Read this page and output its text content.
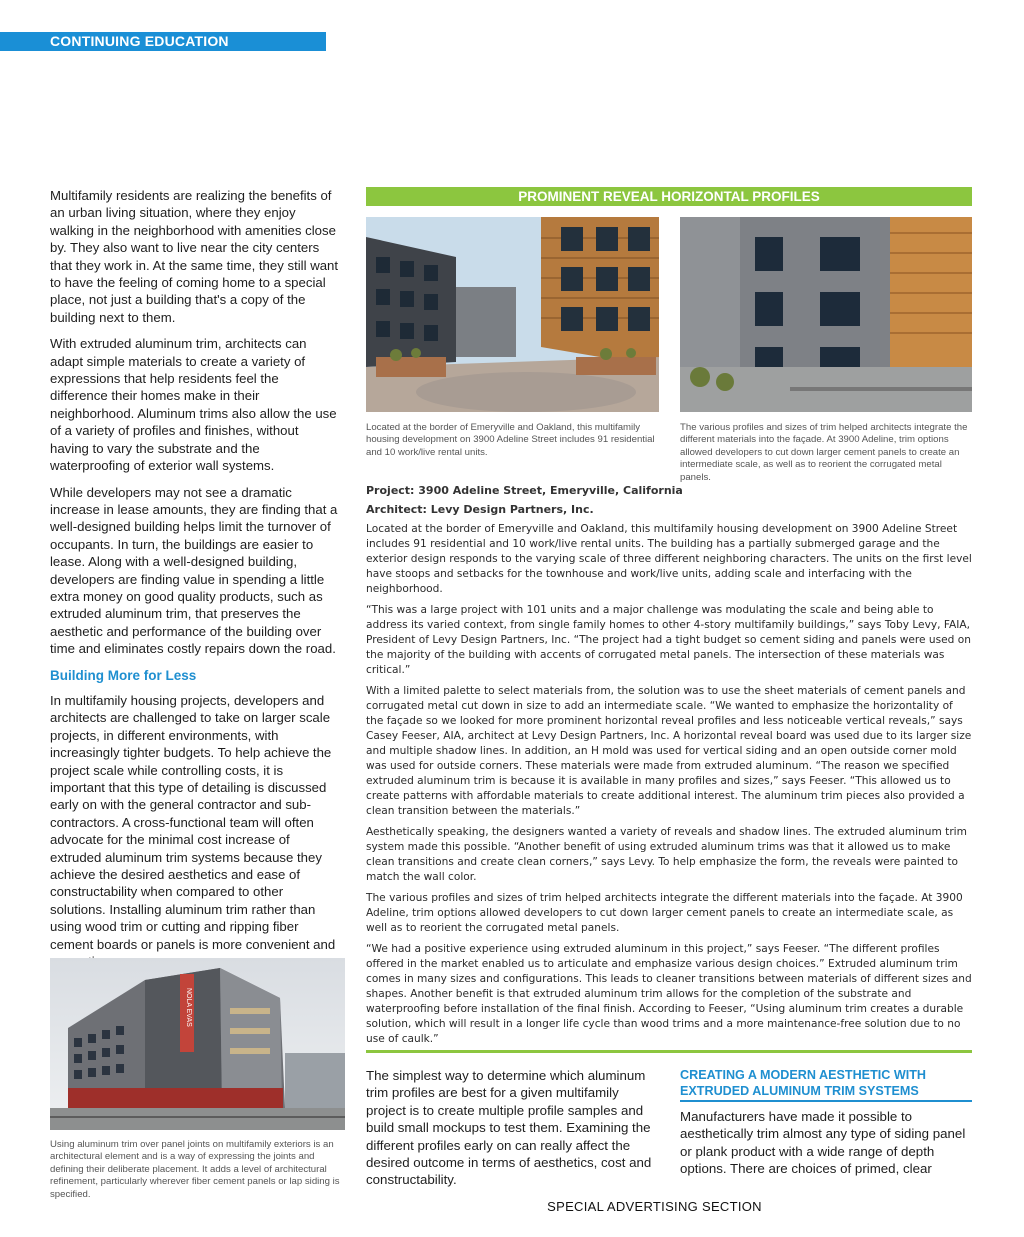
CONTINUING EDUCATION

Multifamily residents are realizing the benefits of an urban living situation, where they enjoy walking in the neighborhood with amenities close by. They also want to live near the city centers that they work in. At the same time, they still want to have the feeling of coming home to a special place, not just a building that's a copy of the building next to them.

With extruded aluminum trim, architects can adapt simple materials to create a variety of expressions that help residents feel the difference their homes make in their neighborhood. Aluminum trims also allow the use of a variety of profiles and finishes, without having to vary the substrate and the waterproofing of exterior wall systems.

While developers may not see a dramatic increase in lease amounts, they are finding that a well-designed building helps limit the turnover of occupants. In turn, the buildings are easier to lease. Along with a well-designed building, developers are finding value in spending a little extra money on good quality products, such as extruded aluminum trim, that preserves the aesthetic and performance of the building over time and eliminates costly repairs down the road.

Building More for Less

In multifamily housing projects, developers and architects are challenged to take on larger scale projects, in different environments, with increasingly tighter budgets. To help achieve the project scale while controlling costs, it is important that this type of detailing is discussed early on with the general contractor and sub-contractors. A cross-functional team will often advocate for the minimal cost increase of extruded aluminum trim systems because they achieve the desired aesthetics and ease of constructability when compared to other solutions. Installing aluminum trim rather than using wood trim or cutting and ripping fiber cement boards or panels is more convenient and

NOLA EVAS
Using aluminum trim over panel joints on multifamily exteriors is an architectural element and is a way of expressing the joints and defining their deliberate placement. It adds a level of architectural refinement, particularly wherever fiber cement panels or lap siding is specified.
PROMINENT REVEAL HORIZONTAL PROFILES
Located at the border of Emeryville and Oakland, this multifamily housing development on 3900 Adeline Street includes 91 residential and 10 work/live rental units.
The various profiles and sizes of trim helped architects integrate the different materials into the façade. At 3900 Adeline, trim options allowed developers to cut down larger cement panels to create an intermediate scale, as well as to reorient the corrugated metal panels.
Project: 3900 Adeline Street, Emeryville, California
Architect: Levy Design Partners, Inc.

Located at the border of Emeryville and Oakland, this multifamily housing development on 3900 Adeline Street includes 91 residential and 10 work/live rental units. The building has a partially submerged garage and the exterior design responds to the varying scale of three different neighboring characters. The units on the first level have stoops and setbacks for the townhouse and work/live units, adding scale and interfacing with the neighborhood.

“This was a large project with 101 units and a major challenge was modulating the scale and being able to address its varied context, from single family homes to other 4-story multifamily buildings,” says Toby Levy, FAIA, President of Levy Design Partners, Inc. “The project had a tight budget so cement siding and panels were used on the majority of the building with accents of corrugated metal panels. The intersection of these materials was critical.”

With a limited palette to select materials from, the solution was to use the sheet materials of cement panels and corrugated metal cut down in size to add an intermediate scale. “We wanted to emphasize the horizontality of the façade so we looked for more prominent horizontal reveal profiles and less noticeable vertical reveals,” says Casey Feeser, AIA, architect at Levy Design Partners, Inc. A horizontal reveal board was used due to its larger size and multiple shadow lines. In addition, an H mold was used for vertical siding and an open outside corner mold was used for outside corners. These materials were made from extruded aluminum. “The reason we specified extruded aluminum trim is because it is available in many profiles and sizes,” says Feeser. “This allowed us to create patterns with affordable materials to create additional interest. The aluminum trim pieces also provided a clean transition between the materials.”

Aesthetically speaking, the designers wanted a variety of reveals and shadow lines. The extruded aluminum trim system made this possible. “Another benefit of using extruded aluminum trims was that it allowed us to make clean transitions and create clean corners,” says Levy. To help emphasize the form, the reveals were painted to match the wall color.

The various profiles and sizes of trim helped architects integrate the different materials into the façade. At 3900 Adeline, trim options allowed developers to cut down larger cement panels to create an intermediate scale, as well as to reorient the corrugated metal panels.

“We had a positive experience using extruded aluminum in this project,” says Feeser. “The different profiles offered in the market enabled us to articulate and emphasize various design choices.” Extruded aluminum trim comes in many sizes and configurations. This leads to cleaner transitions between materials of different sizes and shapes. Another benefit is that extruded aluminum trim allows for the completion of the substrate and waterproofing before installation of the final finish. According to Feeser, “Using aluminum trim creates a durable solution, which will result in a longer life cycle than wood trims and a more maintenance-free solution due to no use of caulk.”

The simplest way to determine which aluminum trim profiles are best for a given multifamily project is to create multiple profile samples and build small mockups to test them. Examining the different profiles early on can really affect the desired outcome in terms of aesthetics, cost and constructability.
CREATING A MODERN AESTHETIC WITH EXTRUDED ALUMINUM TRIM SYSTEMS
Manufacturers have made it possible to aesthetically trim almost any type of siding panel or plank product with a wide range of depth options. There are choices of primed, clear
SPECIAL ADVERTISING SECTION
